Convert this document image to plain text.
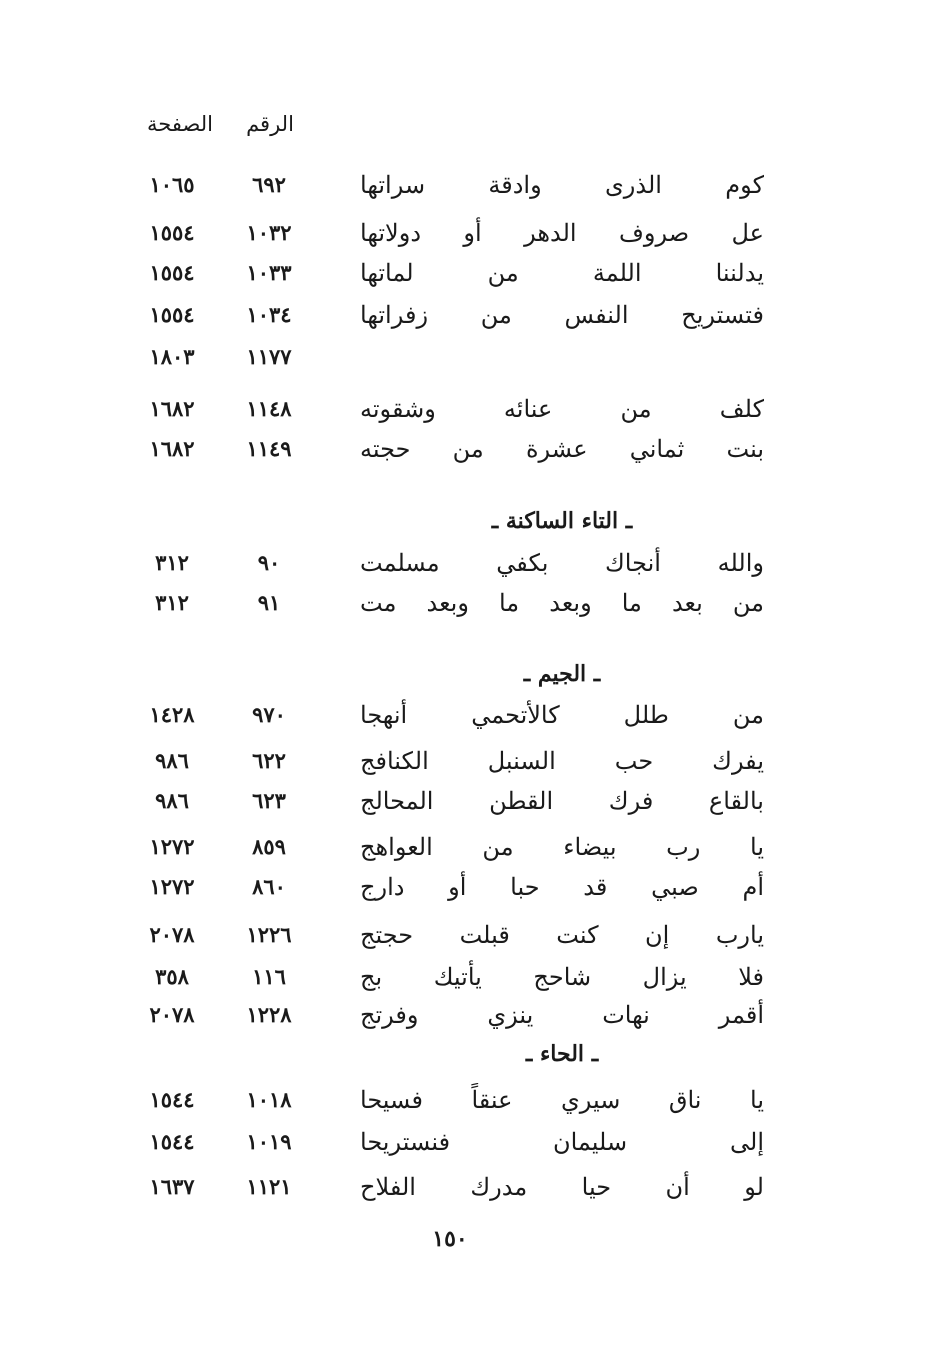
الرقم
الصفحة
كوم الذرى وادقة سراتها
٦٩٢
١٠٦٥
عل صروف الدهر أو دولاتها
١٠٣٢
١٥٥٤
يدلننا اللمة من لماتها
١٠٣٣
١٥٥٤
فتستريح النفس من زفراتها
١٠٣٤
١٥٥٤
١١٧٧
١٨٠٣
كلف من عنائه وشقوته
١١٤٨
١٦٨٢
بنت ثماني عشرة من حجته
١١٤٩
١٦٨٢
ـ التاء الساكنة ـ
والله أنجاك بكفي مسلمت
٩٠
٣١٢
من بعد ما وبعد ما وبعد مت
٩١
٣١٢
ـ الجيم ـ
من طلل كالأتحمي أنهجا
٩٧٠
١٤٢٨
يفرك حب السنبل الكنافج
٦٢٢
٩٨٦
بالقاع فرك القطن المحالج
٦٢٣
٩٨٦
يا رب بيضاء من العواهج
٨٥٩
١٢٧٢
أم صبي قد حبا أو دارج
٨٦٠
١٢٧٢
يارب إن كنت قبلت حجتج
١٢٢٦
٢٠٧٨
فلا يزال شاحج يأتيك بج
١١٦
٣٥٨
أقمر نهات ينزي وفرتج
١٢٢٨
٢٠٧٨
ـ الحاء ـ
يا ناق سيري عنقاً فسيحا
١٠١٨
١٥٤٤
إلى سليمان فنستريحا
١٠١٩
١٥٤٤
لو أن حيا مدرك الفلاح
١١٢١
١٦٣٧
١٥٠
